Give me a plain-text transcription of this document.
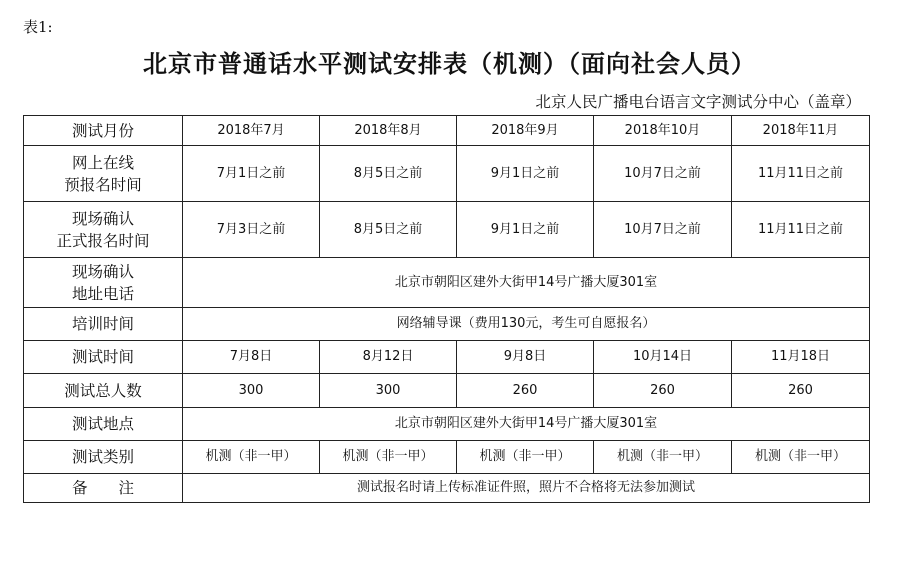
表1:
北京市普通话水平测试安排表（机测）（面向社会人员）
北京人民广播电台语言文字测试分中心（盖章）
测试月份	2018年7月	2018年8月	2018年9月	2018年10月	2018年11月
网上在线
预报名时间	7月1日之前	8月5日之前	9月1日之前	10月7日之前	11月11日之前
现场确认
正式报名时间	7月3日之前	8月5日之前	9月1日之前	10月7日之前	11月11日之前
现场确认
地址电话	北京市朝阳区建外大街甲14号广播大厦301室				
培训时间	网络辅导课（费用130元，考生可自愿报名）				
测试时间	7月8日	8月12日	9月8日	10月14日	11月18日
测试总人数	300	300	260	260	260
测试地点	北京市朝阳区建外大街甲14号广播大厦301室				
测试类别	机测（非一甲）	机测（非一甲）	机测（非一甲）	机测（非一甲）	机测（非一甲）
备　　注	测试报名时请上传标准证件照，照片不合格将无法参加测试				
